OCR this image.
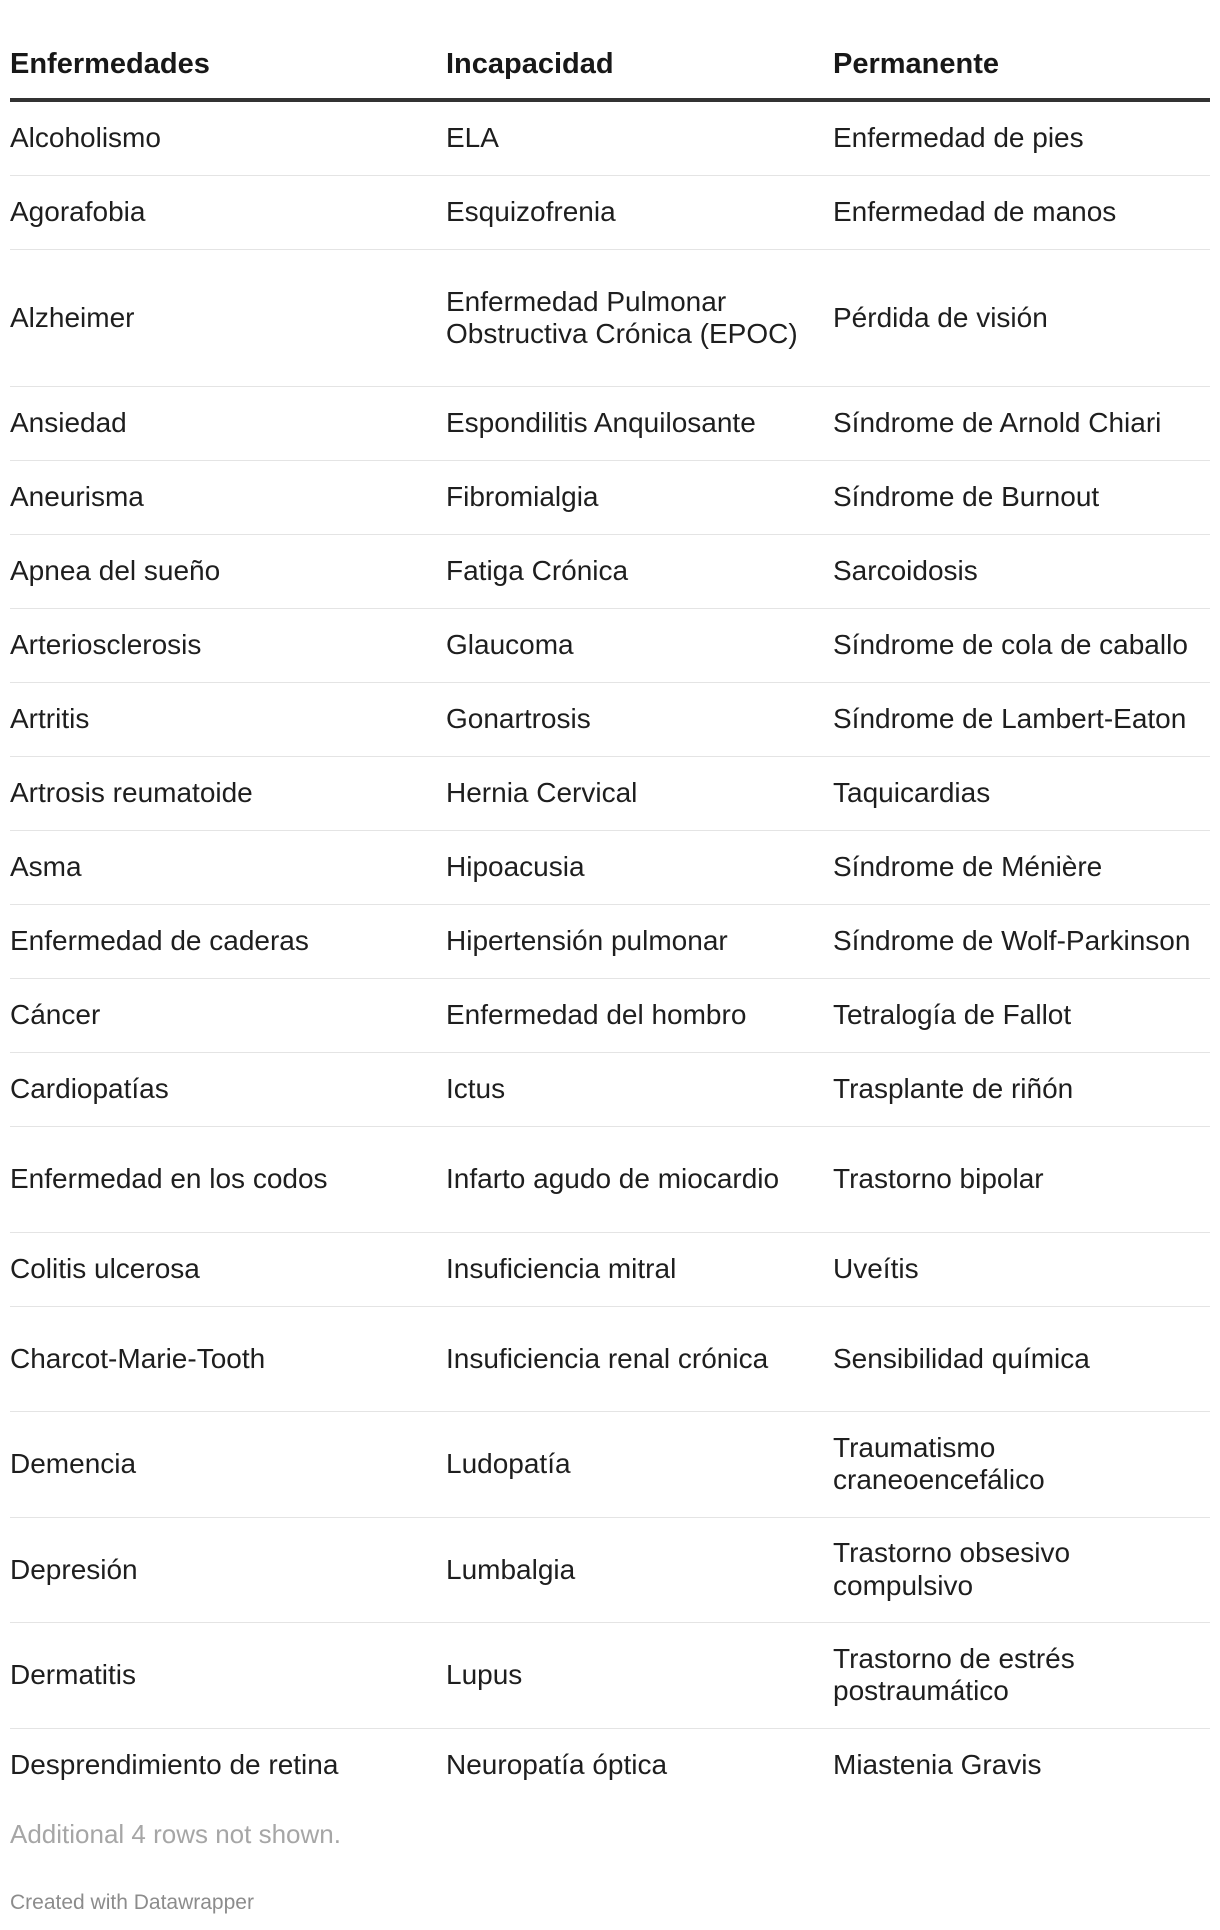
Enfermedades	Incapacidad	Permanente
Alcoholismo	ELA	Enfermedad de pies
Agorafobia	Esquizofrenia	Enfermedad de manos
Alzheimer	Enfermedad Pulmonar Obstructiva Crónica (EPOC)	Pérdida de visión
Ansiedad	Espondilitis Anquilosante	Síndrome de Arnold Chiari
Aneurisma	Fibromialgia	Síndrome de Burnout
Apnea del sueño	Fatiga Crónica	Sarcoidosis
Arteriosclerosis	Glaucoma	Síndrome de cola de caballo
Artritis	Gonartrosis	Síndrome de Lambert-Eaton
Artrosis reumatoide	Hernia Cervical	Taquicardias
Asma	Hipoacusia	Síndrome de Ménière
Enfermedad de caderas	Hipertensión pulmonar	Síndrome de Wolf-Parkinson
Cáncer	Enfermedad del hombro	Tetralogía de Fallot
Cardiopatías	Ictus	Trasplante de riñón
Enfermedad en los codos	Infarto agudo de miocardio	Trastorno bipolar
Colitis ulcerosa	Insuficiencia mitral	Uveítis
Charcot-Marie-Tooth	Insuficiencia renal crónica	Sensibilidad química
Demencia	Ludopatía	Traumatismo craneoencefálico
Depresión	Lumbalgia	Trastorno obsesivo compulsivo
Dermatitis	Lupus	Trastorno de estrés postraumático
Desprendimiento de retina	Neuropatía óptica	Miastenia Gravis
Additional 4 rows not shown.
Created with Datawrapper
